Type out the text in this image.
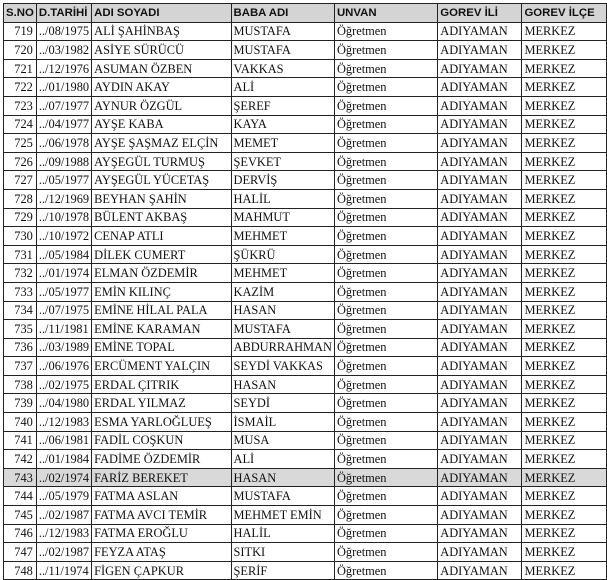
S.NO	D.TARİHİ	ADI SOYADI	BABA ADI	UNVAN	GOREV İLİ	GOREV İLÇE
719	../08/1975	ALİ ŞAHİNBAŞ	MUSTAFA	Öğretmen	ADIYAMAN	MERKEZ
720	../03/1982	ASİYE SÜRÜCÜ	MUSTAFA	Öğretmen	ADIYAMAN	MERKEZ
721	../12/1976	ASUMAN ÖZBEN	VAKKAS	Öğretmen	ADIYAMAN	MERKEZ
722	../01/1980	AYDIN AKAY	ALİ	Öğretmen	ADIYAMAN	MERKEZ
723	../07/1977	AYNUR ÖZGÜL	ŞEREF	Öğretmen	ADIYAMAN	MERKEZ
724	../04/1977	AYŞE KABA	KAYA	Öğretmen	ADIYAMAN	MERKEZ
725	../06/1978	AYŞE ŞAŞMAZ ELÇİN	MEMET	Öğretmen	ADIYAMAN	MERKEZ
726	../09/1988	AYŞEGÜL TURMUŞ	ŞEVKET	Öğretmen	ADIYAMAN	MERKEZ
727	../05/1977	AYŞEGÜL YÜCETAŞ	DERVİŞ	Öğretmen	ADIYAMAN	MERKEZ
728	../12/1969	BEYHAN ŞAHİN	HALİL	Öğretmen	ADIYAMAN	MERKEZ
729	../10/1978	BÜLENT AKBAŞ	MAHMUT	Öğretmen	ADIYAMAN	MERKEZ
730	../10/1972	CENAP ATLI	MEHMET	Öğretmen	ADIYAMAN	MERKEZ
731	../05/1984	DİLEK CUMERT	ŞÜKRÜ	Öğretmen	ADIYAMAN	MERKEZ
732	../01/1974	ELMAN ÖZDEMİR	MEHMET	Öğretmen	ADIYAMAN	MERKEZ
733	../05/1977	EMİN KILINÇ	KAZİM	Öğretmen	ADIYAMAN	MERKEZ
734	../07/1975	EMİNE HİLAL PALA	HASAN	Öğretmen	ADIYAMAN	MERKEZ
735	../11/1981	EMİNE KARAMAN	MUSTAFA	Öğretmen	ADIYAMAN	MERKEZ
736	../03/1989	EMİNE TOPAL	ABDURRAHMAN	Öğretmen	ADIYAMAN	MERKEZ
737	../06/1976	ERCÜMENT YALÇIN	SEYDİ VAKKAS	Öğretmen	ADIYAMAN	MERKEZ
738	../02/1975	ERDAL ÇITRIK	HASAN	Öğretmen	ADIYAMAN	MERKEZ
739	../04/1980	ERDAL YILMAZ	SEYDİ	Öğretmen	ADIYAMAN	MERKEZ
740	../12/1983	ESMA YARLOĞLUEŞ	İSMAİL	Öğretmen	ADIYAMAN	MERKEZ
741	../06/1981	FADİL COŞKUN	MUSA	Öğretmen	ADIYAMAN	MERKEZ
742	../01/1984	FADİME ÖZDEMİR	ALİ	Öğretmen	ADIYAMAN	MERKEZ
743	../02/1974	FARİZ BEREKET	HASAN	Öğretmen	ADIYAMAN	MERKEZ
744	../05/1979	FATMA ASLAN	MUSTAFA	Öğretmen	ADIYAMAN	MERKEZ
745	../02/1987	FATMA AVCI TEMİR	MEHMET EMİN	Öğretmen	ADIYAMAN	MERKEZ
746	../12/1983	FATMA EROĞLU	HALİL	Öğretmen	ADIYAMAN	MERKEZ
747	../02/1987	FEYZA ATAŞ	SITKI	Öğretmen	ADIYAMAN	MERKEZ
748	../11/1974	FİGEN ÇAPKUR	ŞERİF	Öğretmen	ADIYAMAN	MERKEZ
